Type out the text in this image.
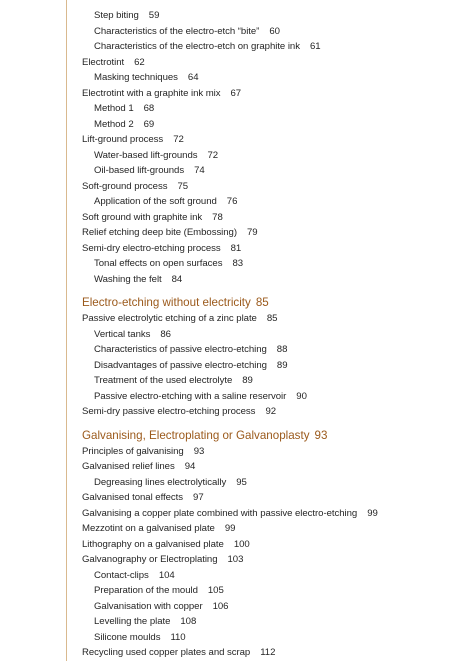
Step biting 59
Characteristics of the electro-etch “bite” 60
Characteristics of the electro-etch on graphite ink 61
Electrotint 62
Masking techniques 64
Electrotint with a graphite ink mix 67
Method 1 68
Method 2 69
Lift-ground process 72
Water-based lift-grounds 72
Oil-based lift-grounds 74
Soft-ground process 75
Application of the soft ground 76
Soft ground with graphite ink 78
Relief etching deep bite (Embossing) 79
Semi-dry electro-etching process 81
Tonal effects on open surfaces 83
Washing the felt 84
Electro-etching without electricity 85
Passive electrolytic etching of a zinc plate 85
Vertical tanks 86
Characteristics of passive electro-etching 88
Disadvantages of passive electro-etching 89
Treatment of the used electrolyte 89
Passive electro-etching with a saline reservoir 90
Semi-dry passive electro-etching process 92
Galvanising, Electroplating or Galvanoplasty 93
Principles of galvanising 93
Galvanised relief lines 94
Degreasing lines electrolytically 95
Galvanised tonal effects 97
Galvanising a copper plate combined with passive electro-etching 99
Mezzotint on a galvanised plate 99
Lithography on a galvanised plate 100
Galvanography or Electroplating 103
Contact-clips 104
Preparation of the mould 105
Galvanisation with copper 106
Levelling the plate 108
Silicone moulds 110
Recycling used copper plates and scrap 112
